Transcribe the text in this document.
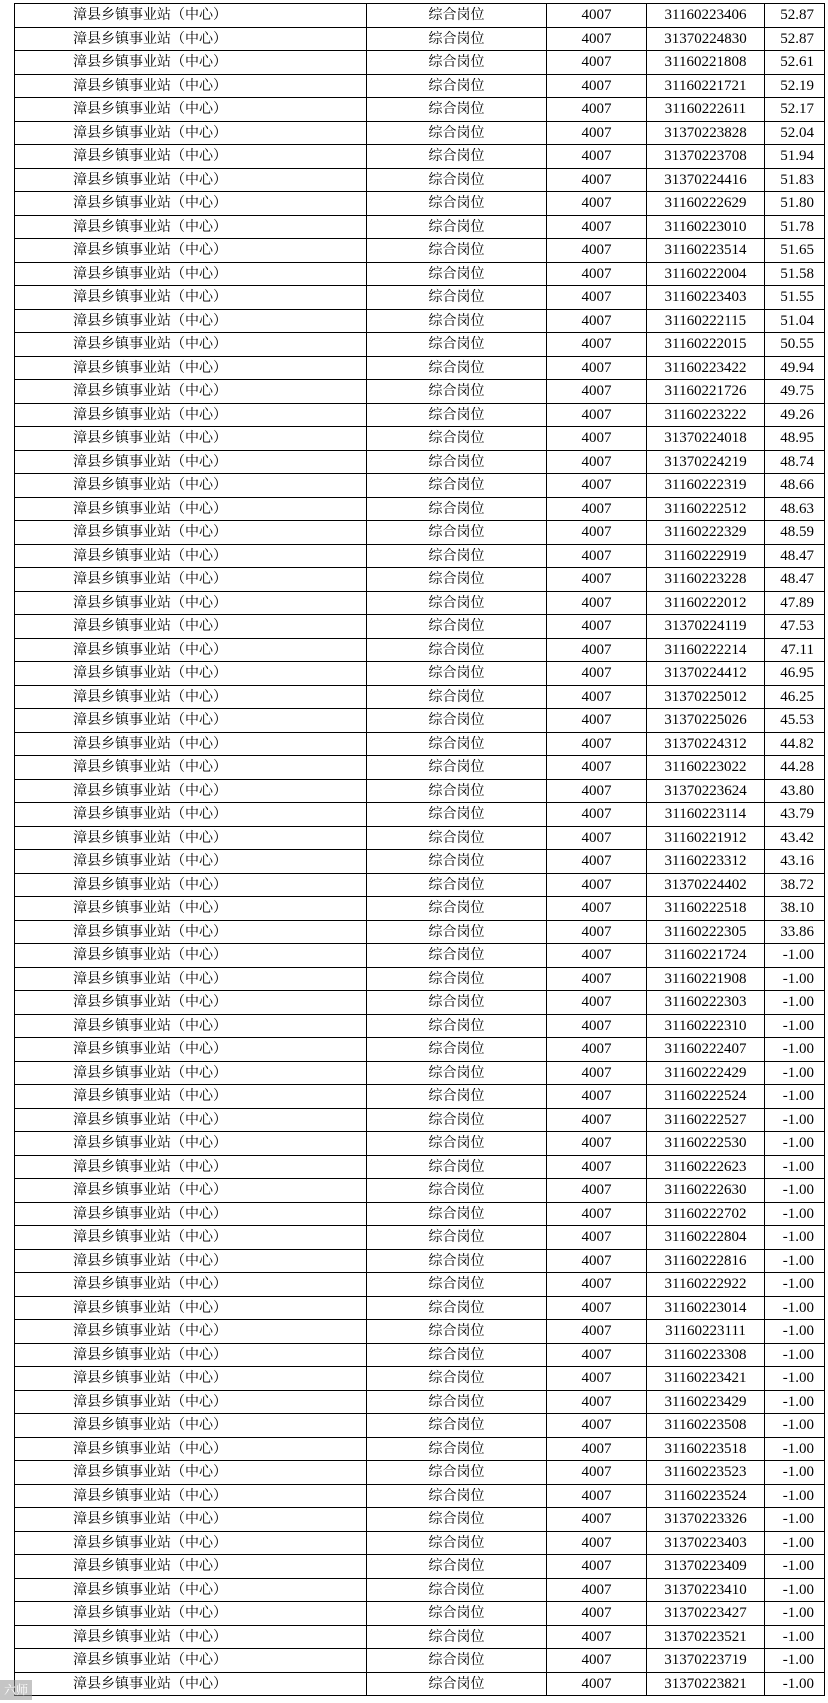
漳县乡镇事业站（中心）	综合岗位	4007	31160223406	52.87
漳县乡镇事业站（中心）	综合岗位	4007	31370224830	52.87
漳县乡镇事业站（中心）	综合岗位	4007	31160221808	52.61
漳县乡镇事业站（中心）	综合岗位	4007	31160221721	52.19
漳县乡镇事业站（中心）	综合岗位	4007	31160222611	52.17
漳县乡镇事业站（中心）	综合岗位	4007	31370223828	52.04
漳县乡镇事业站（中心）	综合岗位	4007	31370223708	51.94
漳县乡镇事业站（中心）	综合岗位	4007	31370224416	51.83
漳县乡镇事业站（中心）	综合岗位	4007	31160222629	51.80
漳县乡镇事业站（中心）	综合岗位	4007	31160223010	51.78
漳县乡镇事业站（中心）	综合岗位	4007	31160223514	51.65
漳县乡镇事业站（中心）	综合岗位	4007	31160222004	51.58
漳县乡镇事业站（中心）	综合岗位	4007	31160223403	51.55
漳县乡镇事业站（中心）	综合岗位	4007	31160222115	51.04
漳县乡镇事业站（中心）	综合岗位	4007	31160222015	50.55
漳县乡镇事业站（中心）	综合岗位	4007	31160223422	49.94
漳县乡镇事业站（中心）	综合岗位	4007	31160221726	49.75
漳县乡镇事业站（中心）	综合岗位	4007	31160223222	49.26
漳县乡镇事业站（中心）	综合岗位	4007	31370224018	48.95
漳县乡镇事业站（中心）	综合岗位	4007	31370224219	48.74
漳县乡镇事业站（中心）	综合岗位	4007	31160222319	48.66
漳县乡镇事业站（中心）	综合岗位	4007	31160222512	48.63
漳县乡镇事业站（中心）	综合岗位	4007	31160222329	48.59
漳县乡镇事业站（中心）	综合岗位	4007	31160222919	48.47
漳县乡镇事业站（中心）	综合岗位	4007	31160223228	48.47
漳县乡镇事业站（中心）	综合岗位	4007	31160222012	47.89
漳县乡镇事业站（中心）	综合岗位	4007	31370224119	47.53
漳县乡镇事业站（中心）	综合岗位	4007	31160222214	47.11
漳县乡镇事业站（中心）	综合岗位	4007	31370224412	46.95
漳县乡镇事业站（中心）	综合岗位	4007	31370225012	46.25
漳县乡镇事业站（中心）	综合岗位	4007	31370225026	45.53
漳县乡镇事业站（中心）	综合岗位	4007	31370224312	44.82
漳县乡镇事业站（中心）	综合岗位	4007	31160223022	44.28
漳县乡镇事业站（中心）	综合岗位	4007	31370223624	43.80
漳县乡镇事业站（中心）	综合岗位	4007	31160223114	43.79
漳县乡镇事业站（中心）	综合岗位	4007	31160221912	43.42
漳县乡镇事业站（中心）	综合岗位	4007	31160223312	43.16
漳县乡镇事业站（中心）	综合岗位	4007	31370224402	38.72
漳县乡镇事业站（中心）	综合岗位	4007	31160222518	38.10
漳县乡镇事业站（中心）	综合岗位	4007	31160222305	33.86
漳县乡镇事业站（中心）	综合岗位	4007	31160221724	-1.00
漳县乡镇事业站（中心）	综合岗位	4007	31160221908	-1.00
漳县乡镇事业站（中心）	综合岗位	4007	31160222303	-1.00
漳县乡镇事业站（中心）	综合岗位	4007	31160222310	-1.00
漳县乡镇事业站（中心）	综合岗位	4007	31160222407	-1.00
漳县乡镇事业站（中心）	综合岗位	4007	31160222429	-1.00
漳县乡镇事业站（中心）	综合岗位	4007	31160222524	-1.00
漳县乡镇事业站（中心）	综合岗位	4007	31160222527	-1.00
漳县乡镇事业站（中心）	综合岗位	4007	31160222530	-1.00
漳县乡镇事业站（中心）	综合岗位	4007	31160222623	-1.00
漳县乡镇事业站（中心）	综合岗位	4007	31160222630	-1.00
漳县乡镇事业站（中心）	综合岗位	4007	31160222702	-1.00
漳县乡镇事业站（中心）	综合岗位	4007	31160222804	-1.00
漳县乡镇事业站（中心）	综合岗位	4007	31160222816	-1.00
漳县乡镇事业站（中心）	综合岗位	4007	31160222922	-1.00
漳县乡镇事业站（中心）	综合岗位	4007	31160223014	-1.00
漳县乡镇事业站（中心）	综合岗位	4007	31160223111	-1.00
漳县乡镇事业站（中心）	综合岗位	4007	31160223308	-1.00
漳县乡镇事业站（中心）	综合岗位	4007	31160223421	-1.00
漳县乡镇事业站（中心）	综合岗位	4007	31160223429	-1.00
漳县乡镇事业站（中心）	综合岗位	4007	31160223508	-1.00
漳县乡镇事业站（中心）	综合岗位	4007	31160223518	-1.00
漳县乡镇事业站（中心）	综合岗位	4007	31160223523	-1.00
漳县乡镇事业站（中心）	综合岗位	4007	31160223524	-1.00
漳县乡镇事业站（中心）	综合岗位	4007	31370223326	-1.00
漳县乡镇事业站（中心）	综合岗位	4007	31370223403	-1.00
漳县乡镇事业站（中心）	综合岗位	4007	31370223409	-1.00
漳县乡镇事业站（中心）	综合岗位	4007	31370223410	-1.00
漳县乡镇事业站（中心）	综合岗位	4007	31370223427	-1.00
漳县乡镇事业站（中心）	综合岗位	4007	31370223521	-1.00
漳县乡镇事业站（中心）	综合岗位	4007	31370223719	-1.00
漳县乡镇事业站（中心）	综合岗位	4007	31370223821	-1.00
六师
